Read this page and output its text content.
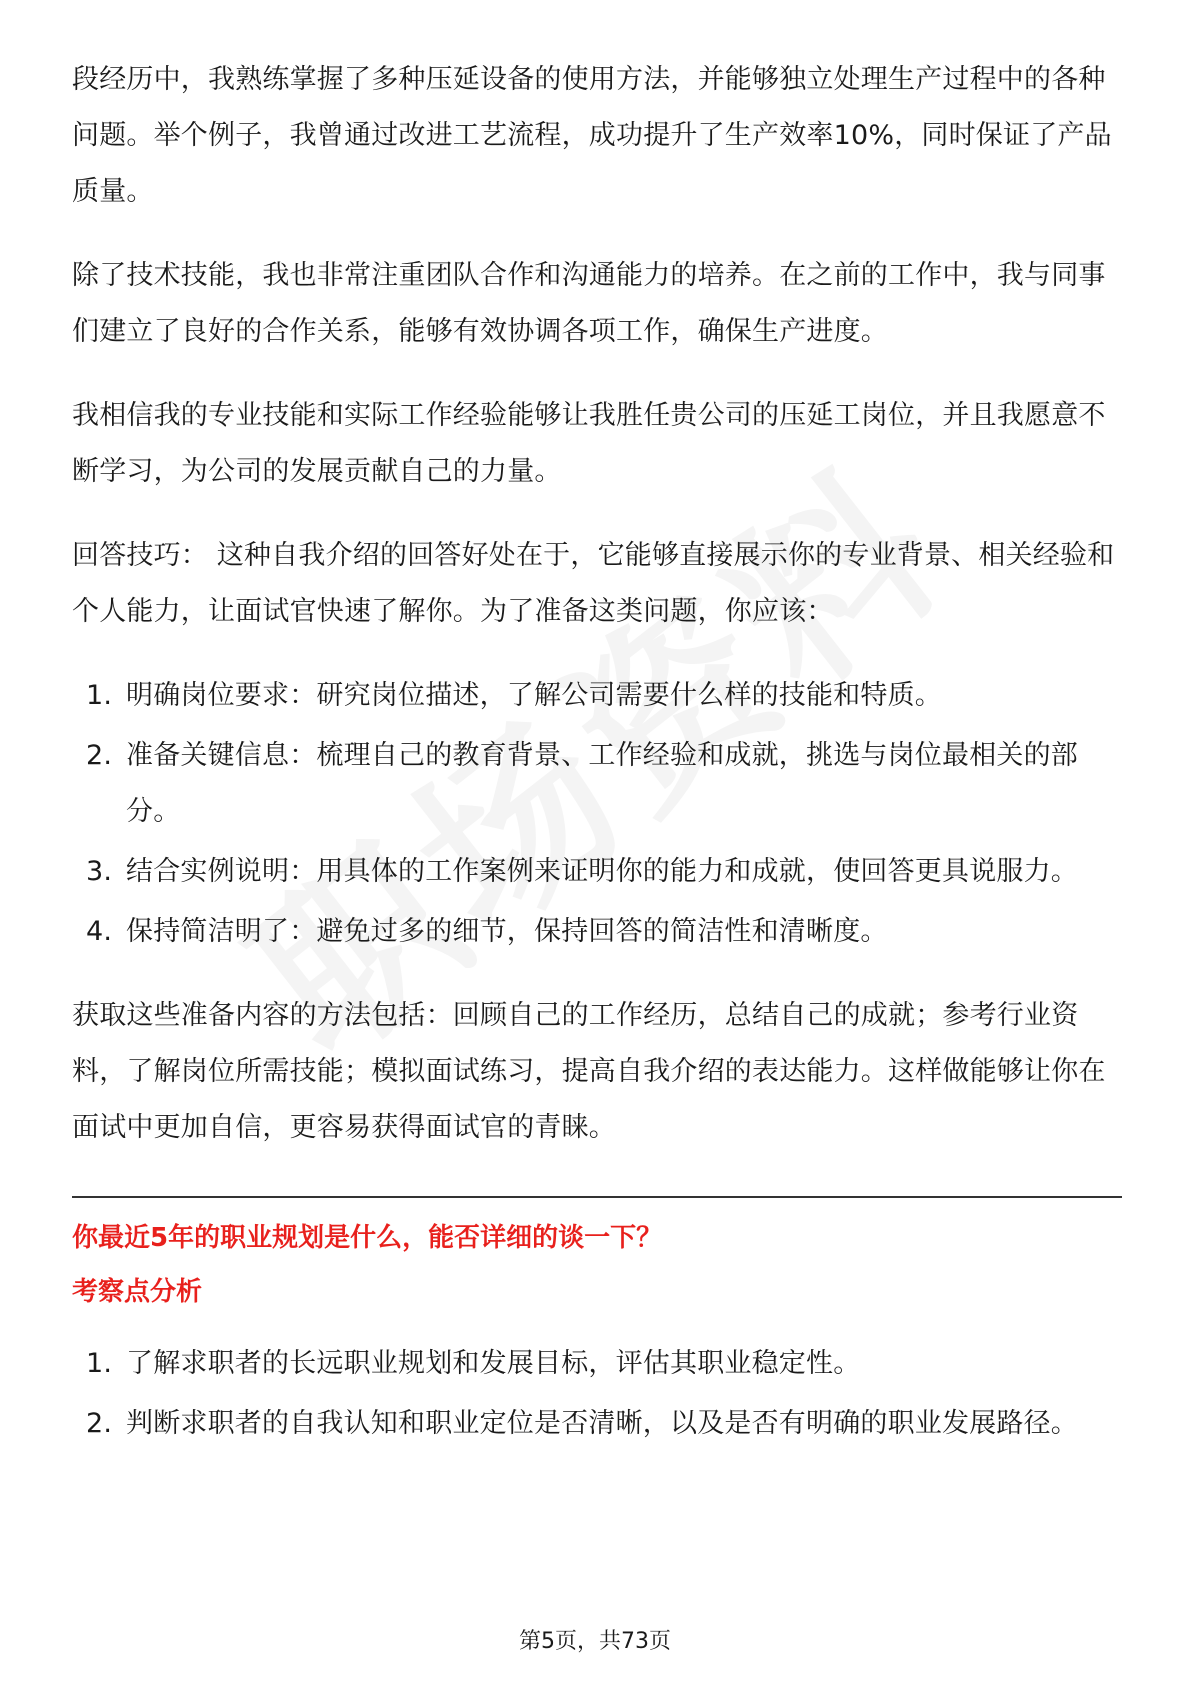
段经历中，我熟练掌握了多种压延设备的使用方法，并能够独立处理生产过程中的各种问题。举个例子，我曾通过改进工艺流程，成功提升了生产效率10%，同时保证了产品质量。

除了技术技能，我也非常注重团队合作和沟通能力的培养。在之前的工作中，我与同事们建立了良好的合作关系，能够有效协调各项工作，确保生产进度。

我相信我的专业技能和实际工作经验能够让我胜任贵公司的压延工岗位，并且我愿意不断学习，为公司的发展贡献自己的力量。

回答技巧： 这种自我介绍的回答好处在于，它能够直接展示你的专业背景、相关经验和个人能力，让面试官快速了解你。为了准备这类问题，你应该：

1. 明确岗位要求：研究岗位描述，了解公司需要什么样的技能和特质。
2. 准备关键信息：梳理自己的教育背景、工作经验和成就，挑选与岗位最相关的部分。
3. 结合实例说明：用具体的工作案例来证明你的能力和成就，使回答更具说服力。
4. 保持简洁明了：避免过多的细节，保持回答的简洁性和清晰度。

获取这些准备内容的方法包括：回顾自己的工作经历，总结自己的成就；参考行业资料，了解岗位所需技能；模拟面试练习，提高自我介绍的表达能力。这样做能够让你在面试中更加自信，更容易获得面试官的青睐。

你最近5年的职业规划是什么，能否详细的谈一下？

考察点分析

1. 了解求职者的长远职业规划和发展目标，评估其职业稳定性。
2. 判断求职者的自我认知和职业定位是否清晰，以及是否有明确的职业发展路径。
第5页，共73页
